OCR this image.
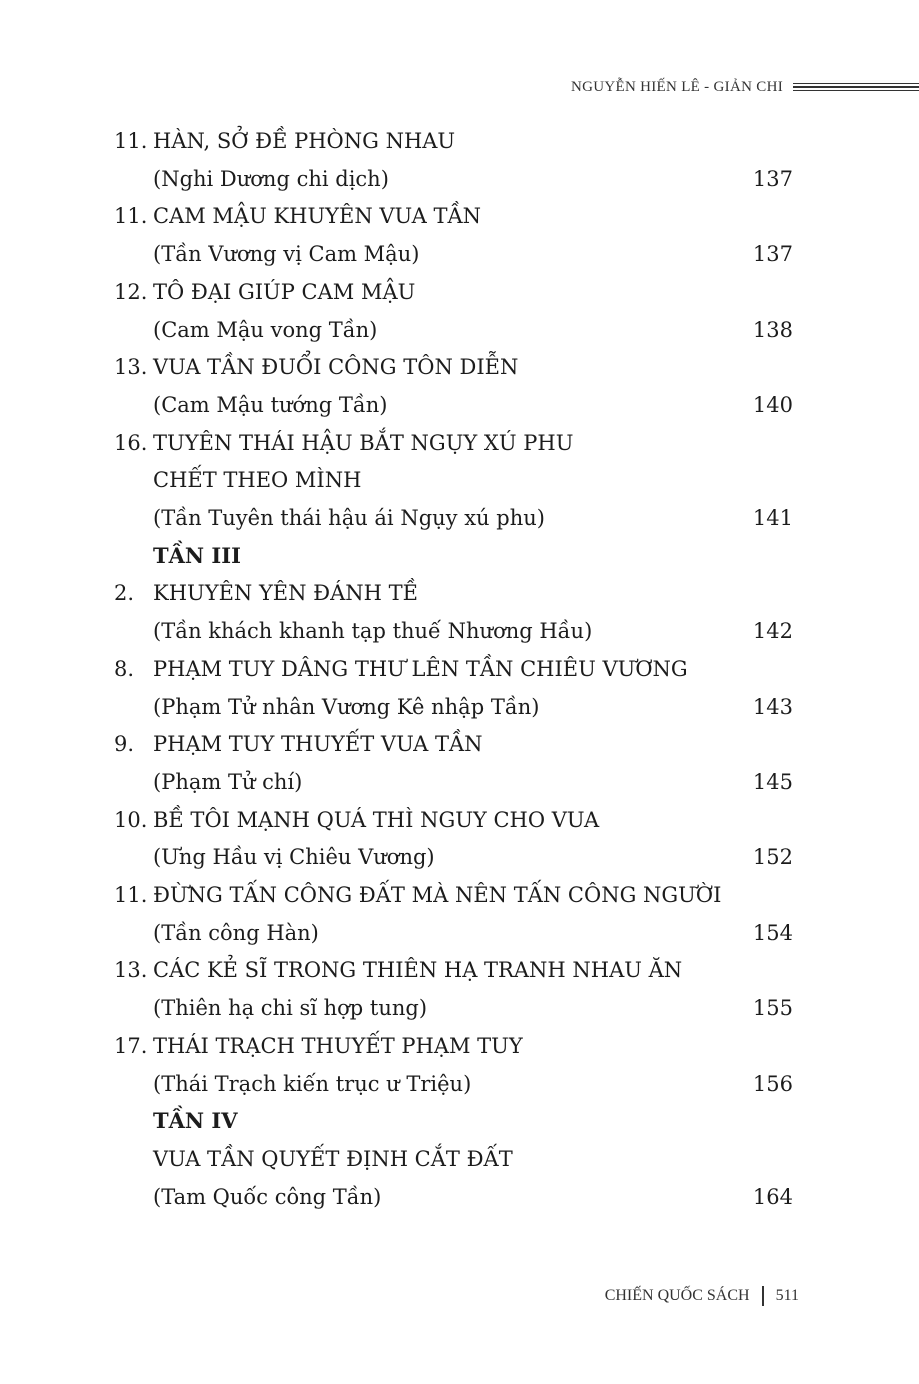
NGUYỄN HIẾN LÊ - GIẢN CHI
11. HÀN, SỞ ĐỀ PHÒNG NHAU
(Nghi Dương chi dịch)	137
11. CAM MẬU KHUYÊN VUA TẦN
(Tần Vương vị Cam Mậu)	137
12. TÔ ĐẠI GIÚP CAM MẬU
(Cam Mậu vong Tần)	138
13. VUA TẦN ĐUỔI CÔNG TÔN DIỄN
(Cam Mậu tướng Tần)	140
16. TUYÊN THÁI HẬU BẮT NGỤY XÚ PHU
CHẾT THEO MÌNH
(Tần Tuyên thái hậu ái Ngụy xú phu)	141
TẦN III
2. KHUYÊN YÊN ĐÁNH TỀ
(Tần khách khanh tạp thuế Nhương Hầu)	142
8. PHẠM TUY DÂNG THƯ LÊN TẦN CHIÊU VƯƠNG
(Phạm Tử nhân Vương Kê nhập Tần)	143
9. PHẠM TUY THUYẾT VUA TẦN
(Phạm Tử chí)	145
10. BỀ TÔI MẠNH QUÁ THÌ NGUY CHO VUA
(Ưng Hầu vị Chiêu Vương)	152
11. ĐỪNG TẤN CÔNG ĐẤT MÀ NÊN TẤN CÔNG NGƯỜI
(Tần công Hàn)	154
13. CÁC KẺ SĨ TRONG THIÊN HẠ TRANH NHAU ĂN
(Thiên hạ chi sĩ hợp tung)	155
17. THÁI TRẠCH THUYẾT PHẠM TUY
(Thái Trạch kiến trục ư Triệu)	156
TẦN IV
VUA TẦN QUYẾT ĐỊNH CẮT ĐẤT
(Tam Quốc công Tần)	164
CHIẾN QUỐC SÁCH 511
